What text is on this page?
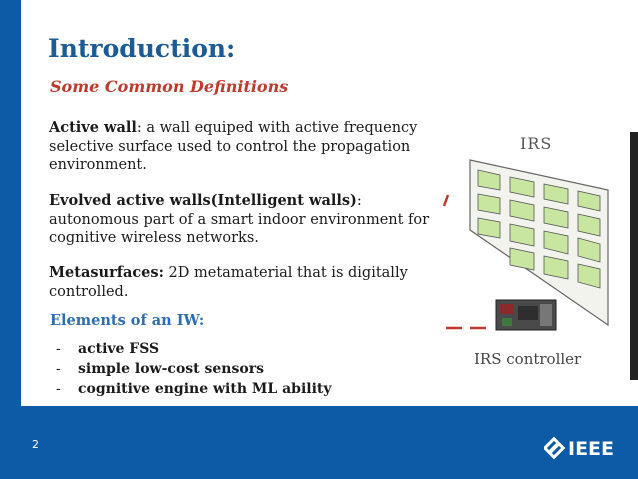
Introduction:
Some Common Definitions
Active wall: a wall equiped with active frequency selective surface used to control the propagation environment.
Evolved active walls(Intelligent walls): autonomous part of a smart indoor environment for cognitive wireless networks.
Metasurfaces: 2D metamaterial that is digitally controlled.
Elements of an IW:
- active FSS
- simple low-cost sensors
- cognitive engine with ML ability
IRS
IRS controller
2	IEEE
